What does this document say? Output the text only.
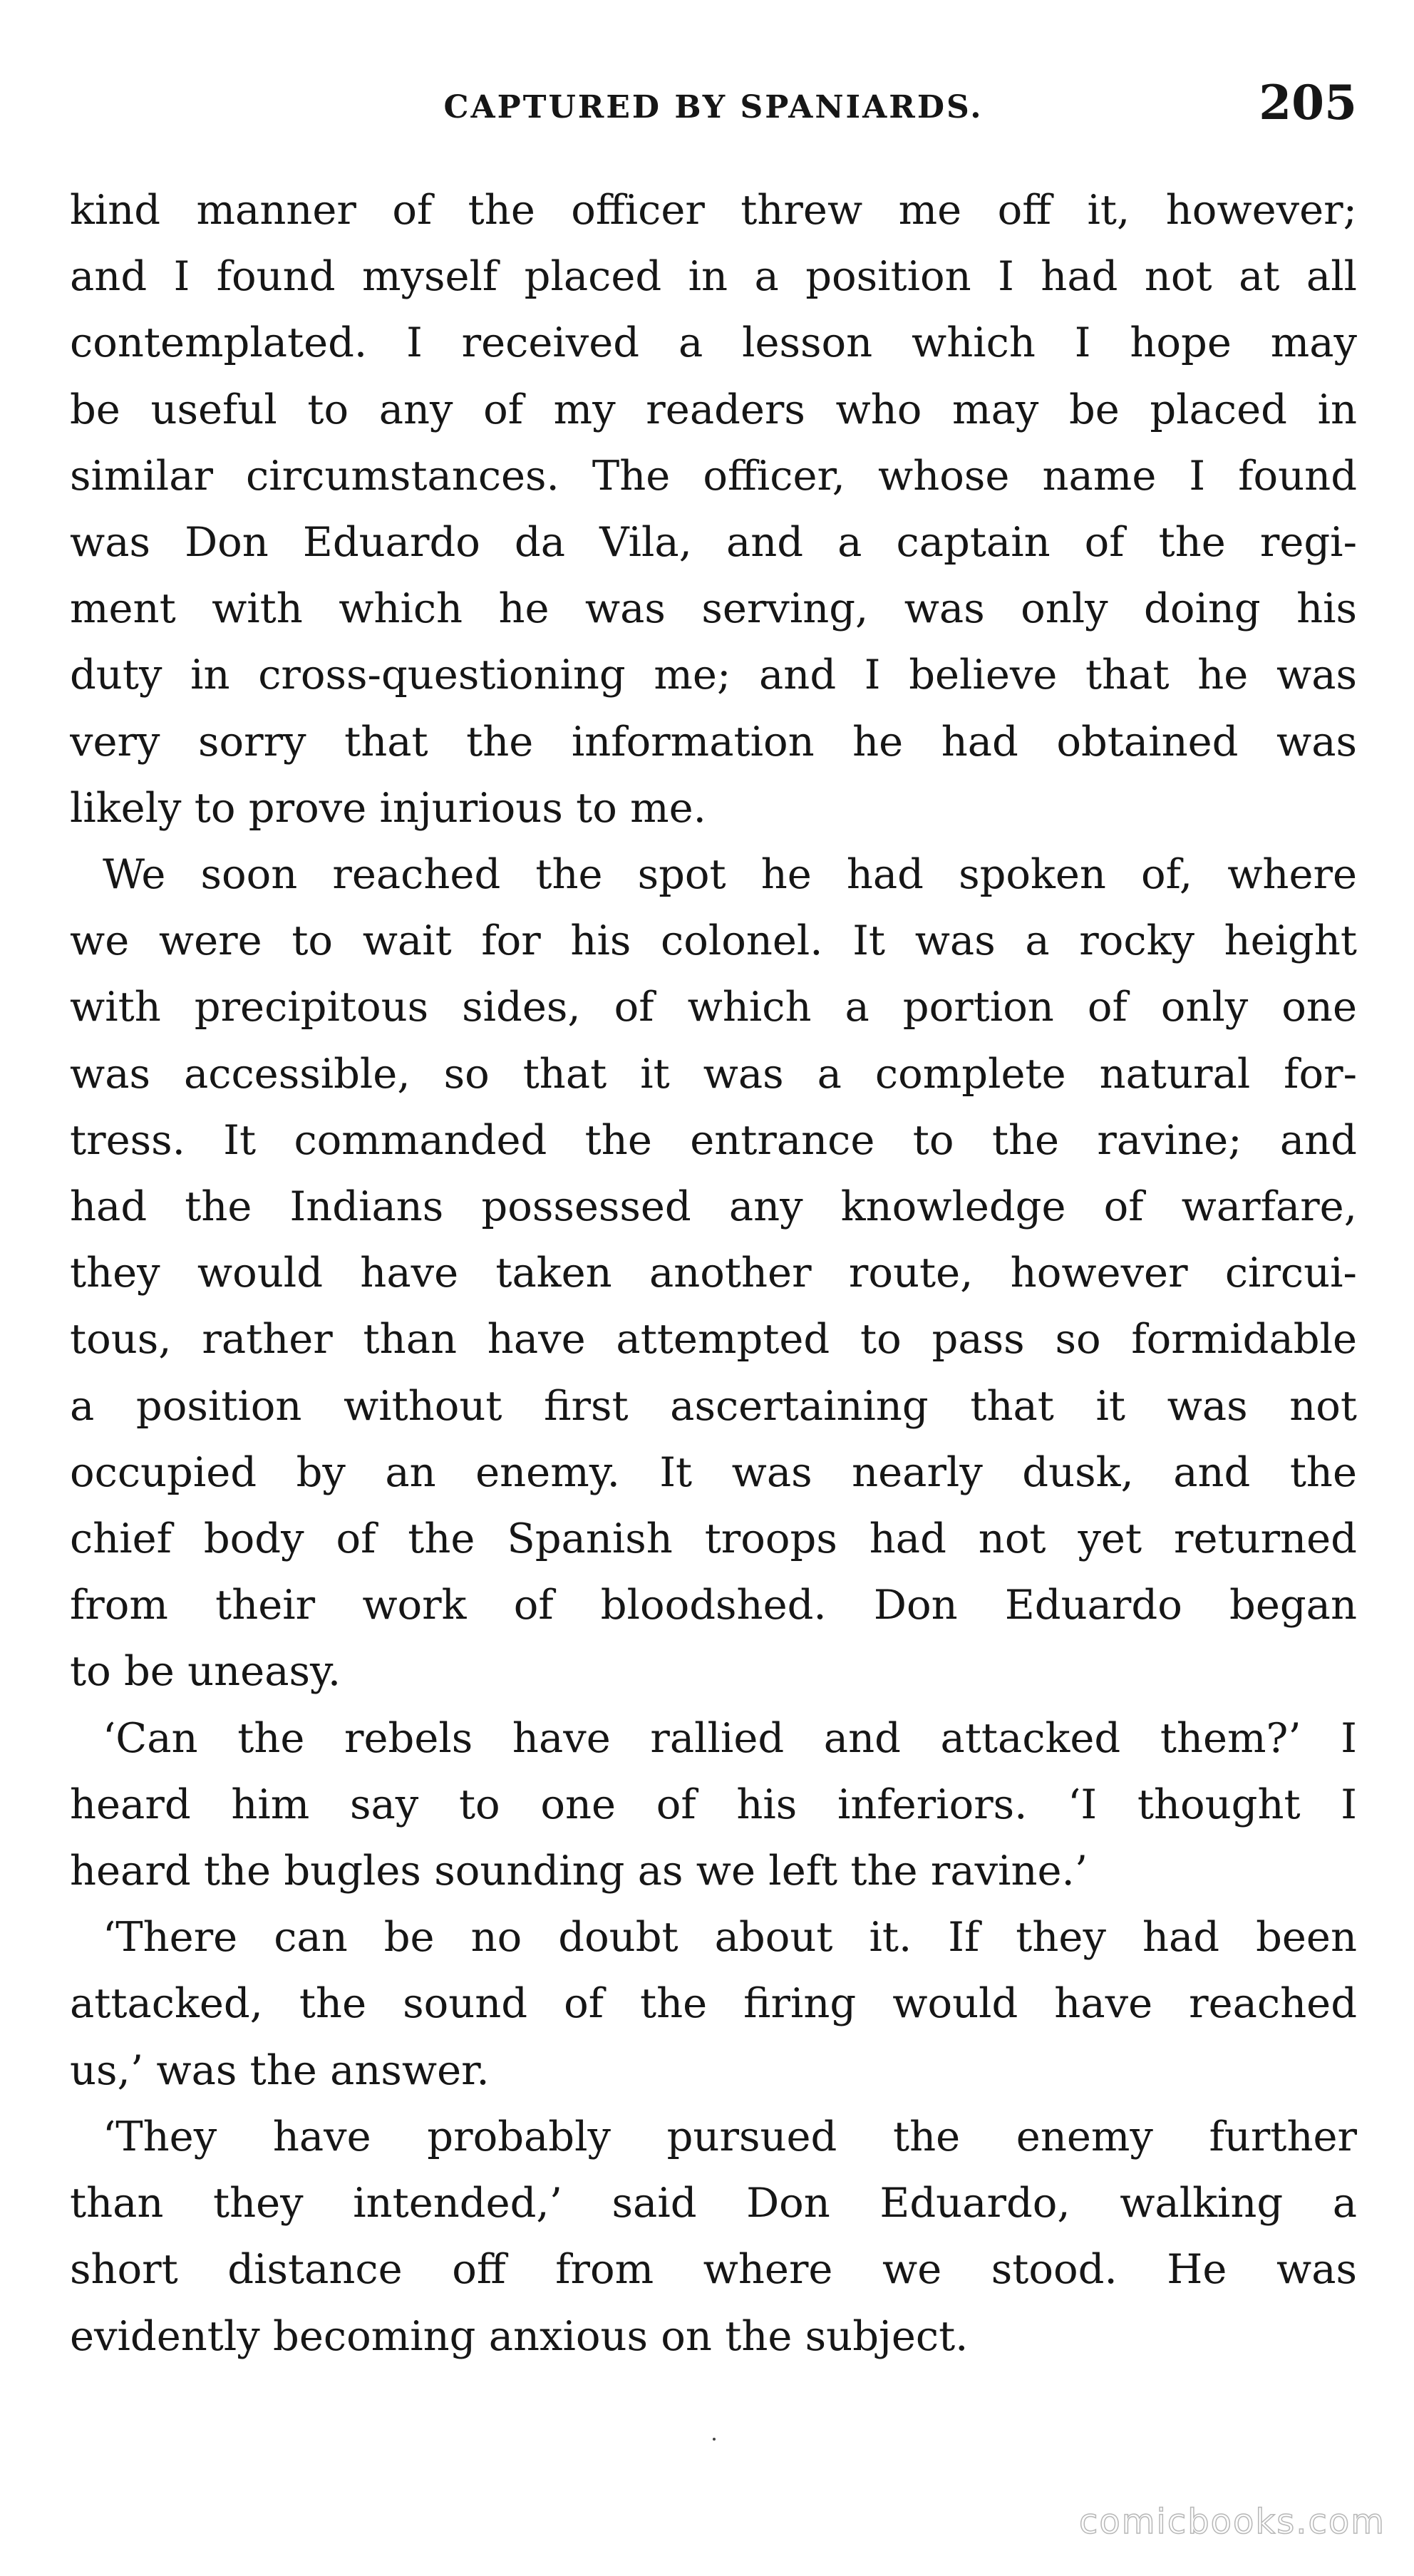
CAPTURED BY SPANIARDS.	205
kind manner of the officer threw me off it, however;
and I found myself placed in a position I had not at all
contemplated. I received a lesson which I hope may
be useful to any of my readers who may be placed in
similar circumstances. The officer, whose name I found
was Don Eduardo da Vila, and a captain of the regi-
ment with which he was serving, was only doing his
duty in cross-questioning me; and I believe that he was
very sorry that the information he had obtained was
likely to prove injurious to me.
We soon reached the spot he had spoken of, where
we were to wait for his colonel. It was a rocky height
with precipitous sides, of which a portion of only one
was accessible, so that it was a complete natural for-
tress. It commanded the entrance to the ravine; and
had the Indians possessed any knowledge of warfare,
they would have taken another route, however circui-
tous, rather than have attempted to pass so formidable
a position without first ascertaining that it was not
occupied by an enemy. It was nearly dusk, and the
chief body of the Spanish troops had not yet returned
from their work of bloodshed. Don Eduardo began
to be uneasy.
‘Can the rebels have rallied and attacked them?’ I
heard him say to one of his inferiors. ‘I thought I
heard the bugles sounding as we left the ravine.’
‘There can be no doubt about it. If they had been
attacked, the sound of the firing would have reached
us,’ was the answer.
‘They have probably pursued the enemy further
than they intended,’ said Don Eduardo, walking a
short distance off from where we stood. He was
evidently becoming anxious on the subject.
comicbooks.com
